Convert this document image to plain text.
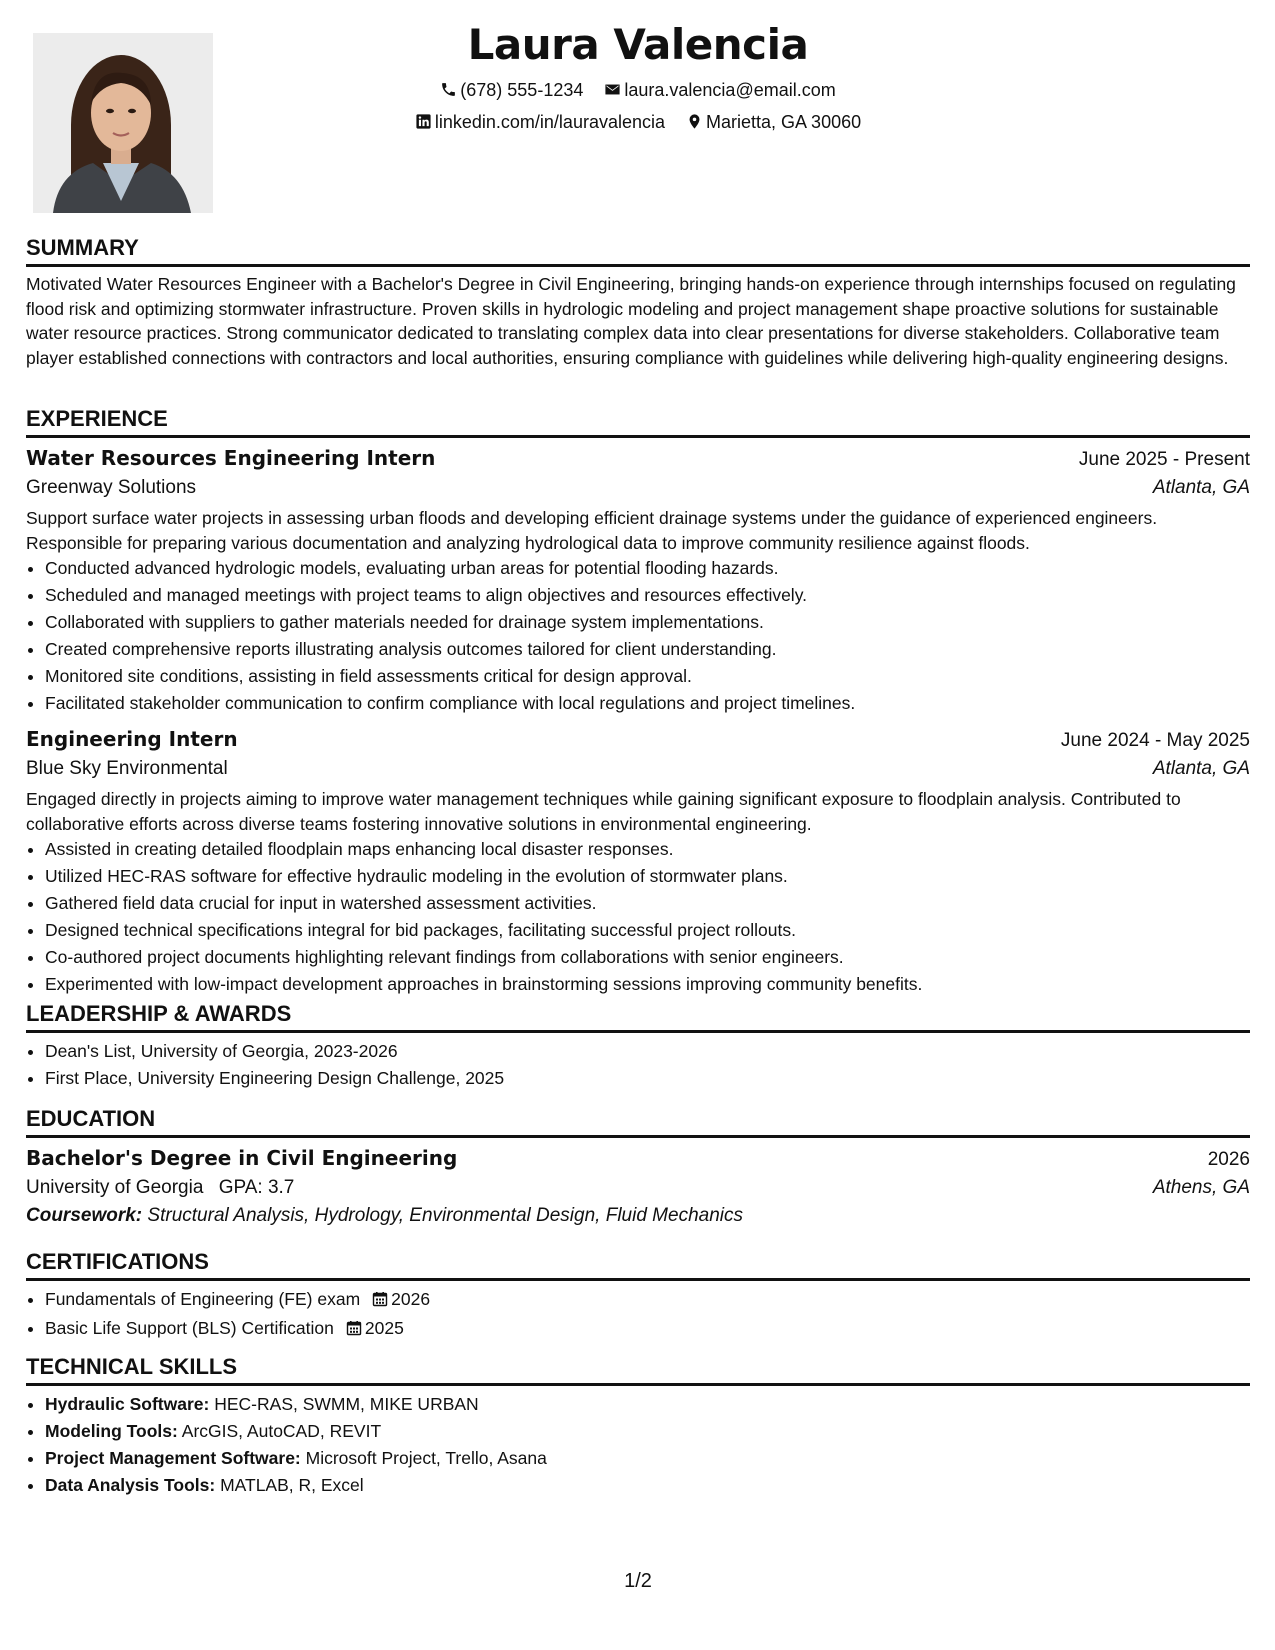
Laura Valencia
(678) 555-1234 laura.valencia@email.com
linkedin.com/in/lauravalencia Marietta, GA 30060
SUMMARY

Motivated Water Resources Engineer with a Bachelor's Degree in Civil Engineering, bringing hands-on experience through internships focused on regulating flood risk and optimizing stormwater infrastructure. Proven skills in hydrologic modeling and project management shape proactive solutions for sustainable water resource practices. Strong communicator dedicated to translating complex data into clear presentations for diverse stakeholders. Collaborative team player established connections with contractors and local authorities, ensuring compliance with guidelines while delivering high-quality engineering designs.

EXPERIENCE
Water Resources Engineering Intern	June 2025 - Present
Greenway Solutions	Atlanta, GA

Support surface water projects in assessing urban floods and developing efficient drainage systems under the guidance of experienced engineers. Responsible for preparing various documentation and analyzing hydrological data to improve community resilience against floods.

• Conducted advanced hydrologic models, evaluating urban areas for potential flooding hazards.
• Scheduled and managed meetings with project teams to align objectives and resources effectively.
• Collaborated with suppliers to gather materials needed for drainage system implementations.
• Created comprehensive reports illustrating analysis outcomes tailored for client understanding.
• Monitored site conditions, assisting in field assessments critical for design approval.
• Facilitated stakeholder communication to confirm compliance with local regulations and project timelines.
Engineering Intern	June 2024 - May 2025
Blue Sky Environmental	Atlanta, GA

Engaged directly in projects aiming to improve water management techniques while gaining significant exposure to floodplain analysis. Contributed to collaborative efforts across diverse teams fostering innovative solutions in environmental engineering.

• Assisted in creating detailed floodplain maps enhancing local disaster responses.
• Utilized HEC-RAS software for effective hydraulic modeling in the evolution of stormwater plans.
• Gathered field data crucial for input in watershed assessment activities.
• Designed technical specifications integral for bid packages, facilitating successful project rollouts.
• Co-authored project documents highlighting relevant findings from collaborations with senior engineers.
• Experimented with low-impact development approaches in brainstorming sessions improving community benefits.
LEADERSHIP & AWARDS
• Dean's List, University of Georgia, 2023-2026
• First Place, University Engineering Design Challenge, 2025
EDUCATION
Bachelor's Degree in Civil Engineering	2026
University of Georgia GPA: 3.7	Athens, GA
Coursework: Structural Analysis, Hydrology, Environmental Design, Fluid Mechanics
CERTIFICATIONS
• Fundamentals of Engineering (FE) exam 2026
• Basic Life Support (BLS) Certification 2025
TECHNICAL SKILLS
• Hydraulic Software: HEC-RAS, SWMM, MIKE URBAN
• Modeling Tools: ArcGIS, AutoCAD, REVIT
• Project Management Software: Microsoft Project, Trello, Asana
• Data Analysis Tools: MATLAB, R, Excel
1/2
